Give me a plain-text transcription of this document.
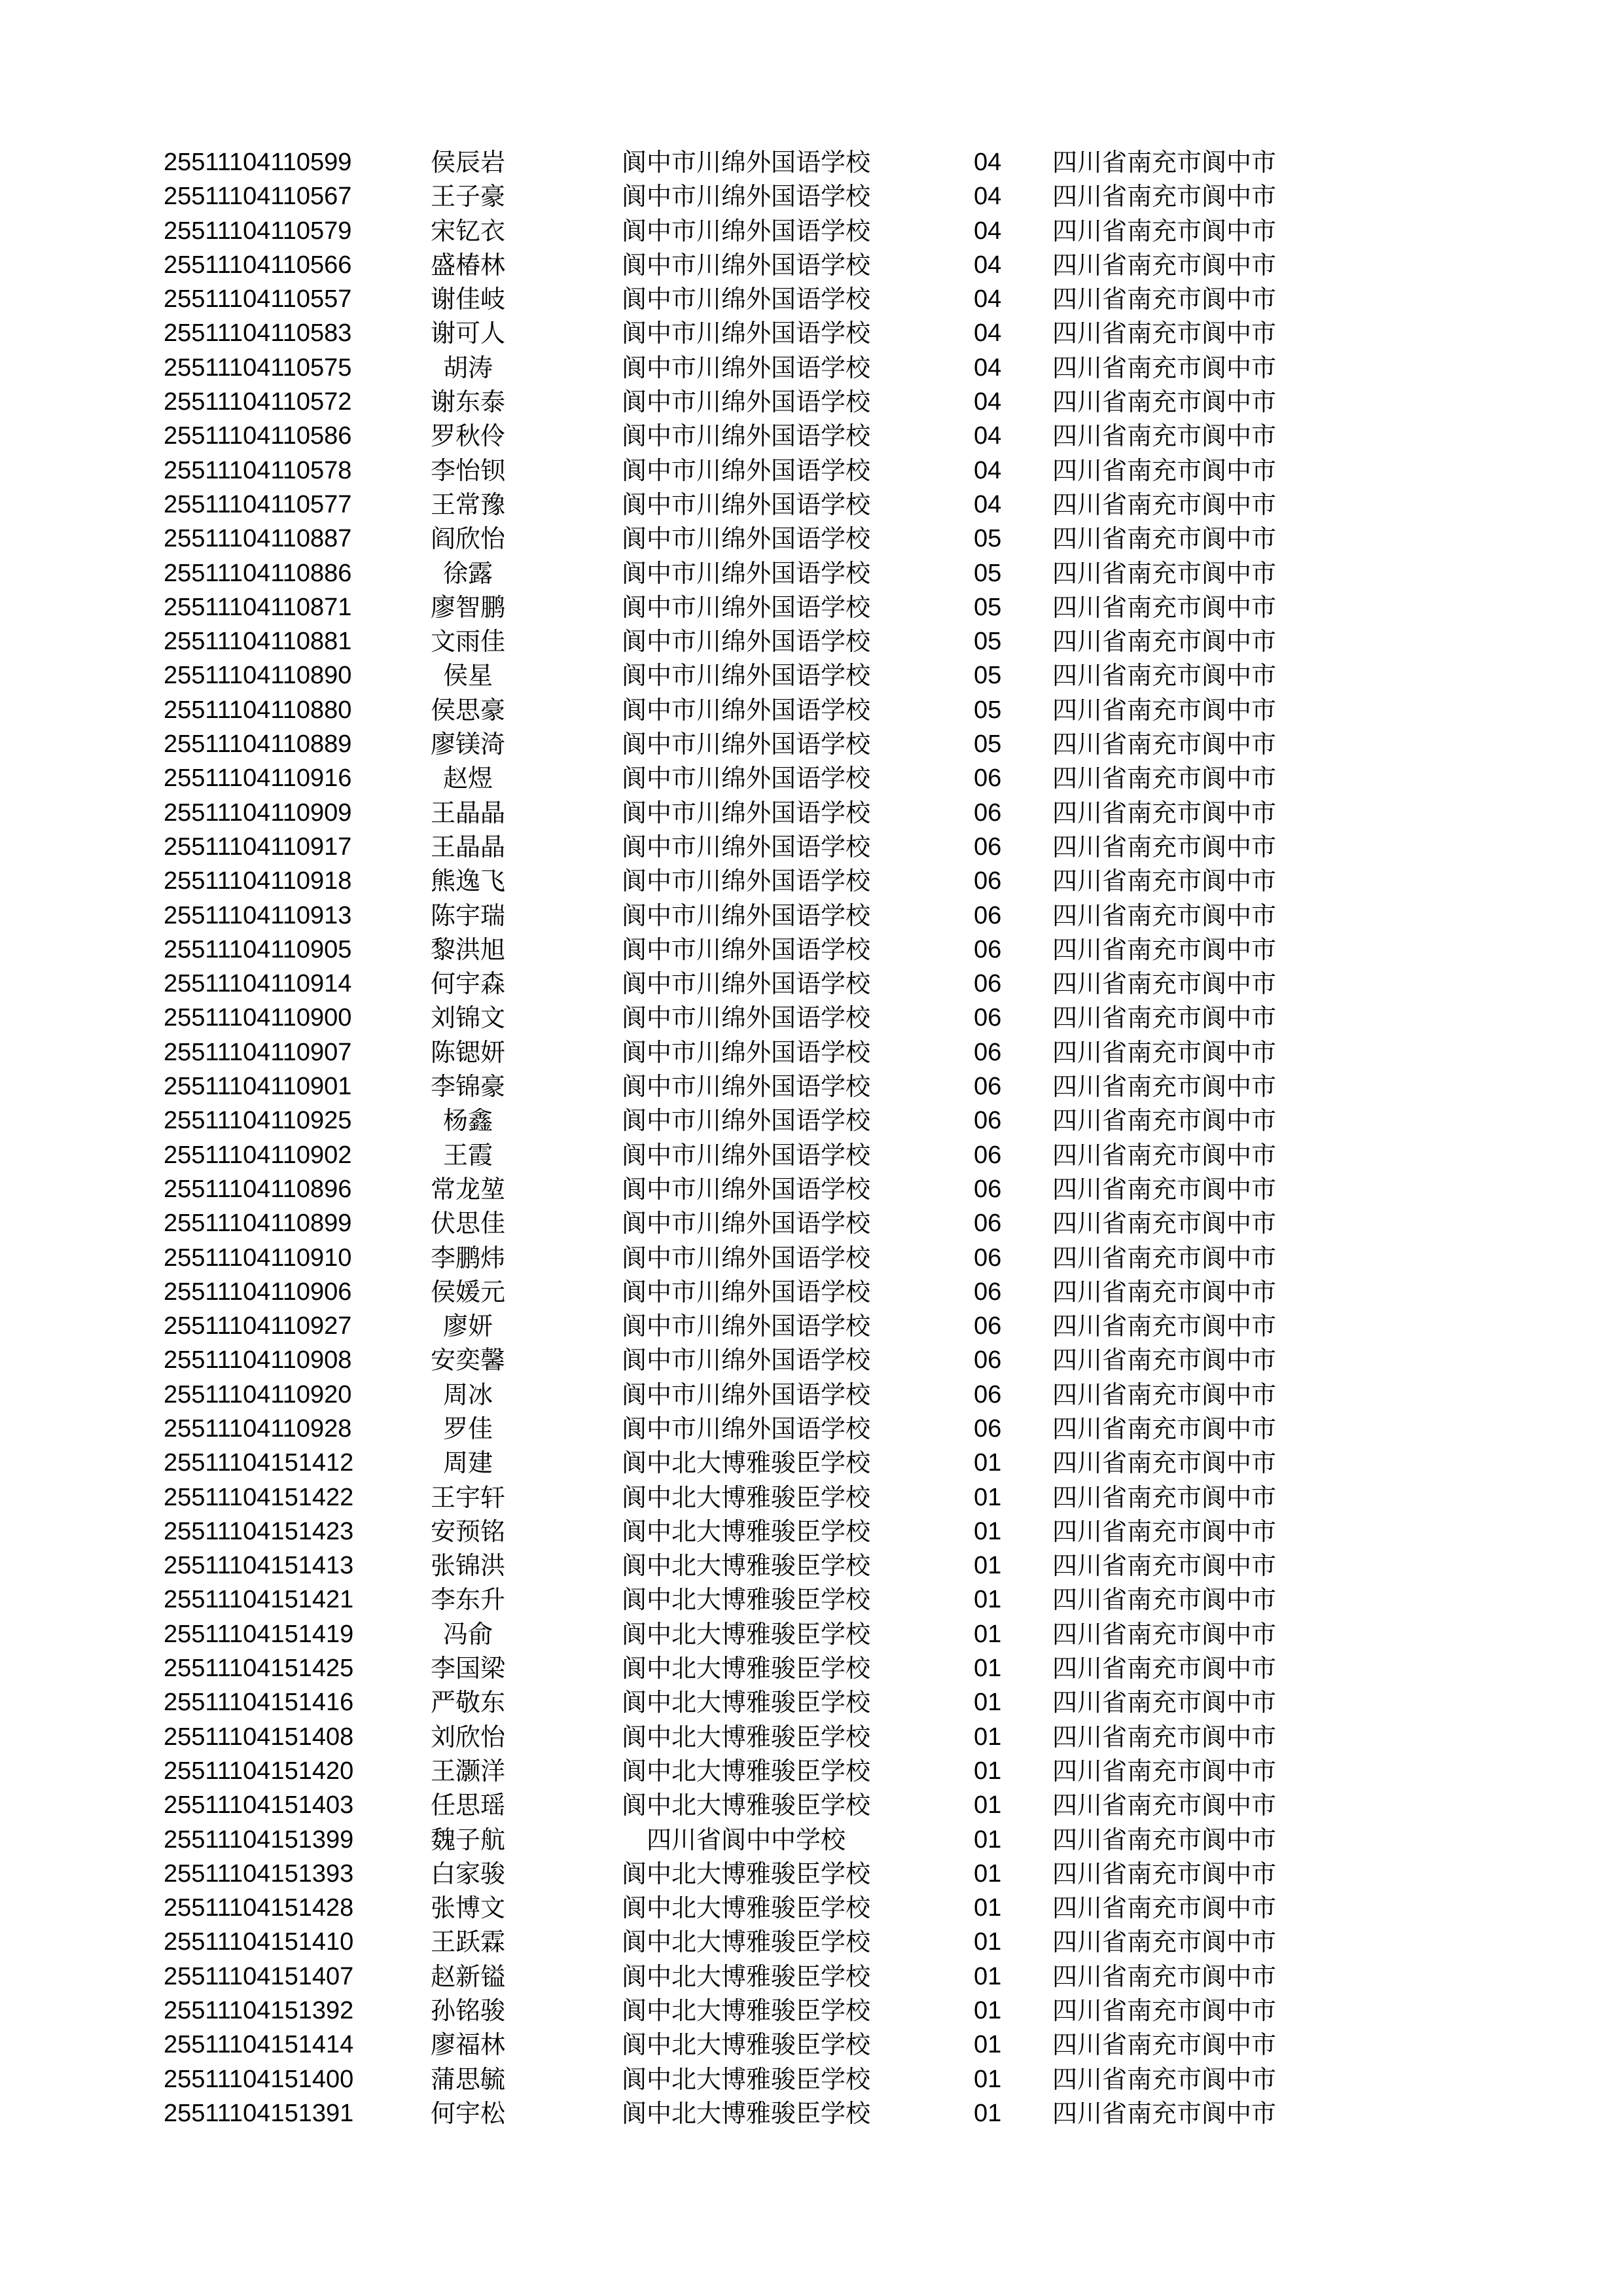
25511104110599	侯辰岩	阆中市川绵外国语学校	04	四川省南充市阆中市
25511104110567	王子豪	阆中市川绵外国语学校	04	四川省南充市阆中市
25511104110579	宋钇衣	阆中市川绵外国语学校	04	四川省南充市阆中市
25511104110566	盛椿林	阆中市川绵外国语学校	04	四川省南充市阆中市
25511104110557	谢佳岐	阆中市川绵外国语学校	04	四川省南充市阆中市
25511104110583	谢可人	阆中市川绵外国语学校	04	四川省南充市阆中市
25511104110575	胡涛	阆中市川绵外国语学校	04	四川省南充市阆中市
25511104110572	谢东泰	阆中市川绵外国语学校	04	四川省南充市阆中市
25511104110586	罗秋伶	阆中市川绵外国语学校	04	四川省南充市阆中市
25511104110578	李怡钡	阆中市川绵外国语学校	04	四川省南充市阆中市
25511104110577	王常豫	阆中市川绵外国语学校	04	四川省南充市阆中市
25511104110887	阎欣怡	阆中市川绵外国语学校	05	四川省南充市阆中市
25511104110886	徐露	阆中市川绵外国语学校	05	四川省南充市阆中市
25511104110871	廖智鹏	阆中市川绵外国语学校	05	四川省南充市阆中市
25511104110881	文雨佳	阆中市川绵外国语学校	05	四川省南充市阆中市
25511104110890	侯星	阆中市川绵外国语学校	05	四川省南充市阆中市
25511104110880	侯思豪	阆中市川绵外国语学校	05	四川省南充市阆中市
25511104110889	廖镁渏	阆中市川绵外国语学校	05	四川省南充市阆中市
25511104110916	赵煜	阆中市川绵外国语学校	06	四川省南充市阆中市
25511104110909	王晶晶	阆中市川绵外国语学校	06	四川省南充市阆中市
25511104110917	王晶晶	阆中市川绵外国语学校	06	四川省南充市阆中市
25511104110918	熊逸飞	阆中市川绵外国语学校	06	四川省南充市阆中市
25511104110913	陈宇瑞	阆中市川绵外国语学校	06	四川省南充市阆中市
25511104110905	黎洪旭	阆中市川绵外国语学校	06	四川省南充市阆中市
25511104110914	何宇森	阆中市川绵外国语学校	06	四川省南充市阆中市
25511104110900	刘锦文	阆中市川绵外国语学校	06	四川省南充市阆中市
25511104110907	陈锶妍	阆中市川绵外国语学校	06	四川省南充市阆中市
25511104110901	李锦豪	阆中市川绵外国语学校	06	四川省南充市阆中市
25511104110925	杨鑫	阆中市川绵外国语学校	06	四川省南充市阆中市
25511104110902	王霞	阆中市川绵外国语学校	06	四川省南充市阆中市
25511104110896	常龙堃	阆中市川绵外国语学校	06	四川省南充市阆中市
25511104110899	伏思佳	阆中市川绵外国语学校	06	四川省南充市阆中市
25511104110910	李鹏炜	阆中市川绵外国语学校	06	四川省南充市阆中市
25511104110906	侯媛元	阆中市川绵外国语学校	06	四川省南充市阆中市
25511104110927	廖妍	阆中市川绵外国语学校	06	四川省南充市阆中市
25511104110908	安奕馨	阆中市川绵外国语学校	06	四川省南充市阆中市
25511104110920	周冰	阆中市川绵外国语学校	06	四川省南充市阆中市
25511104110928	罗佳	阆中市川绵外国语学校	06	四川省南充市阆中市
25511104151412	周建	阆中北大博雅骏臣学校	01	四川省南充市阆中市
25511104151422	王宇轩	阆中北大博雅骏臣学校	01	四川省南充市阆中市
25511104151423	安预铭	阆中北大博雅骏臣学校	01	四川省南充市阆中市
25511104151413	张锦洪	阆中北大博雅骏臣学校	01	四川省南充市阆中市
25511104151421	李东升	阆中北大博雅骏臣学校	01	四川省南充市阆中市
25511104151419	冯俞	阆中北大博雅骏臣学校	01	四川省南充市阆中市
25511104151425	李国梁	阆中北大博雅骏臣学校	01	四川省南充市阆中市
25511104151416	严敬东	阆中北大博雅骏臣学校	01	四川省南充市阆中市
25511104151408	刘欣怡	阆中北大博雅骏臣学校	01	四川省南充市阆中市
25511104151420	王灏洋	阆中北大博雅骏臣学校	01	四川省南充市阆中市
25511104151403	任思瑶	阆中北大博雅骏臣学校	01	四川省南充市阆中市
25511104151399	魏子航	四川省阆中中学校	01	四川省南充市阆中市
25511104151393	白家骏	阆中北大博雅骏臣学校	01	四川省南充市阆中市
25511104151428	张博文	阆中北大博雅骏臣学校	01	四川省南充市阆中市
25511104151410	王跃霖	阆中北大博雅骏臣学校	01	四川省南充市阆中市
25511104151407	赵新镒	阆中北大博雅骏臣学校	01	四川省南充市阆中市
25511104151392	孙铭骏	阆中北大博雅骏臣学校	01	四川省南充市阆中市
25511104151414	廖福林	阆中北大博雅骏臣学校	01	四川省南充市阆中市
25511104151400	蒲思毓	阆中北大博雅骏臣学校	01	四川省南充市阆中市
25511104151391	何宇松	阆中北大博雅骏臣学校	01	四川省南充市阆中市
